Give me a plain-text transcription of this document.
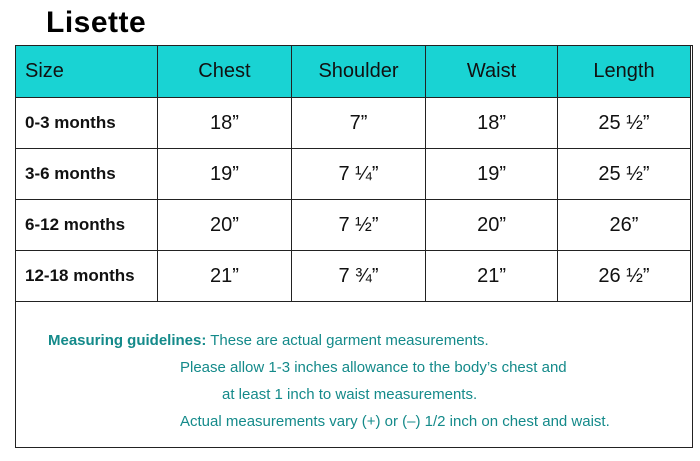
Lisette
Size	Chest	Shoulder	Waist	Length
0-3 months	18”	7”	18”	25 ½”
3-6 months	19”	7 ¼”	19”	25 ½”
6-12 months	20”	7 ½”	20”	26”
12-18 months	21”	7 ¾”	21”	26 ½”
Measuring guidelines: These are actual garment measurements.
Please allow 1-3 inches allowance to the body’s chest and
at least 1 inch to waist measurements.
Actual measurements vary (+) or (–) 1/2 inch on chest and waist.
